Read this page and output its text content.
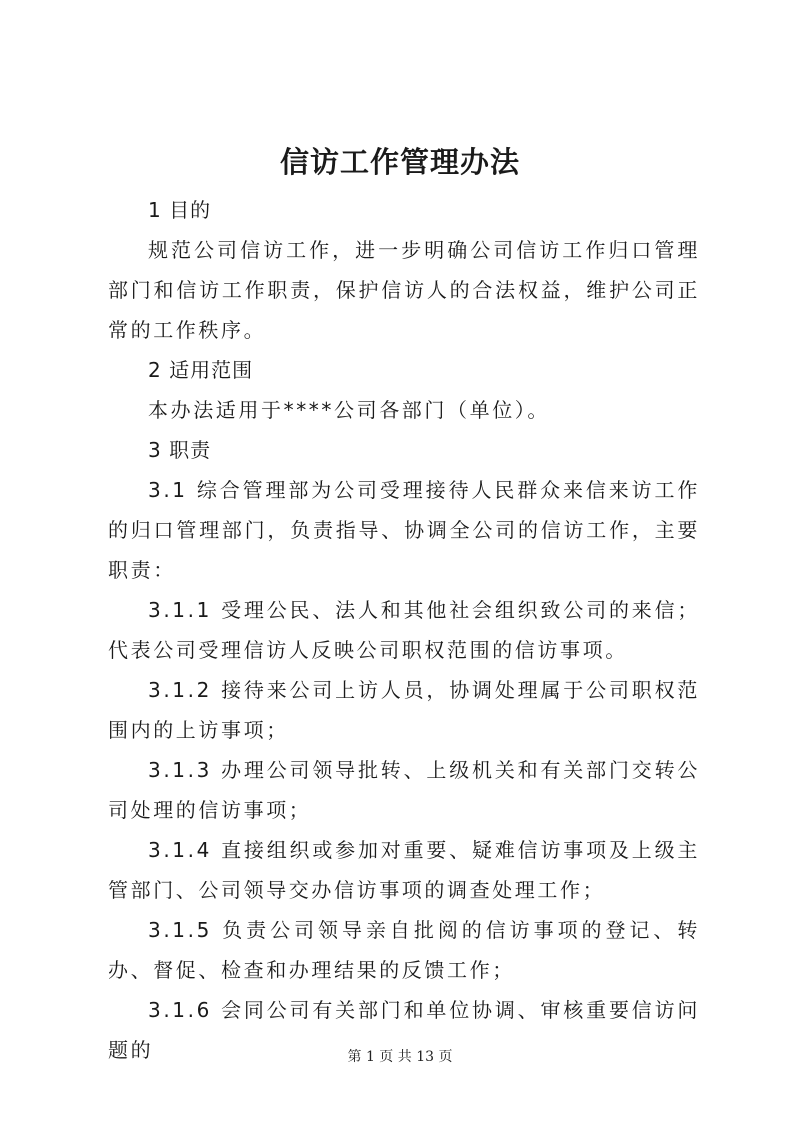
信访工作管理办法

1 目的

规范公司信访工作，进一步明确公司信访工作归口管理部门和信访工作职责，保护信访人的合法权益，维护公司正常的工作秩序。

2 适用范围

本办法适用于****公司各部门（单位）。

3 职责

3.1 综合管理部为公司受理接待人民群众来信来访工作的归口管理部门，负责指导、协调全公司的信访工作，主要职责：

3.1.1 受理公民、法人和其他社会组织致公司的来信；代表公司受理信访人反映公司职权范围的信访事项。

3.1.2 接待来公司上访人员，协调处理属于公司职权范围内的上访事项；

3.1.3 办理公司领导批转、上级机关和有关部门交转公司处理的信访事项；

3.1.4 直接组织或参加对重要、疑难信访事项及上级主管部门、公司领导交办信访事项的调查处理工作；

3.1.5 负责公司领导亲自批阅的信访事项的登记、转办、督促、检查和办理结果的反馈工作；

3.1.6 会同公司有关部门和单位协调、审核重要信访问题的	第 1 页 共 13 页
